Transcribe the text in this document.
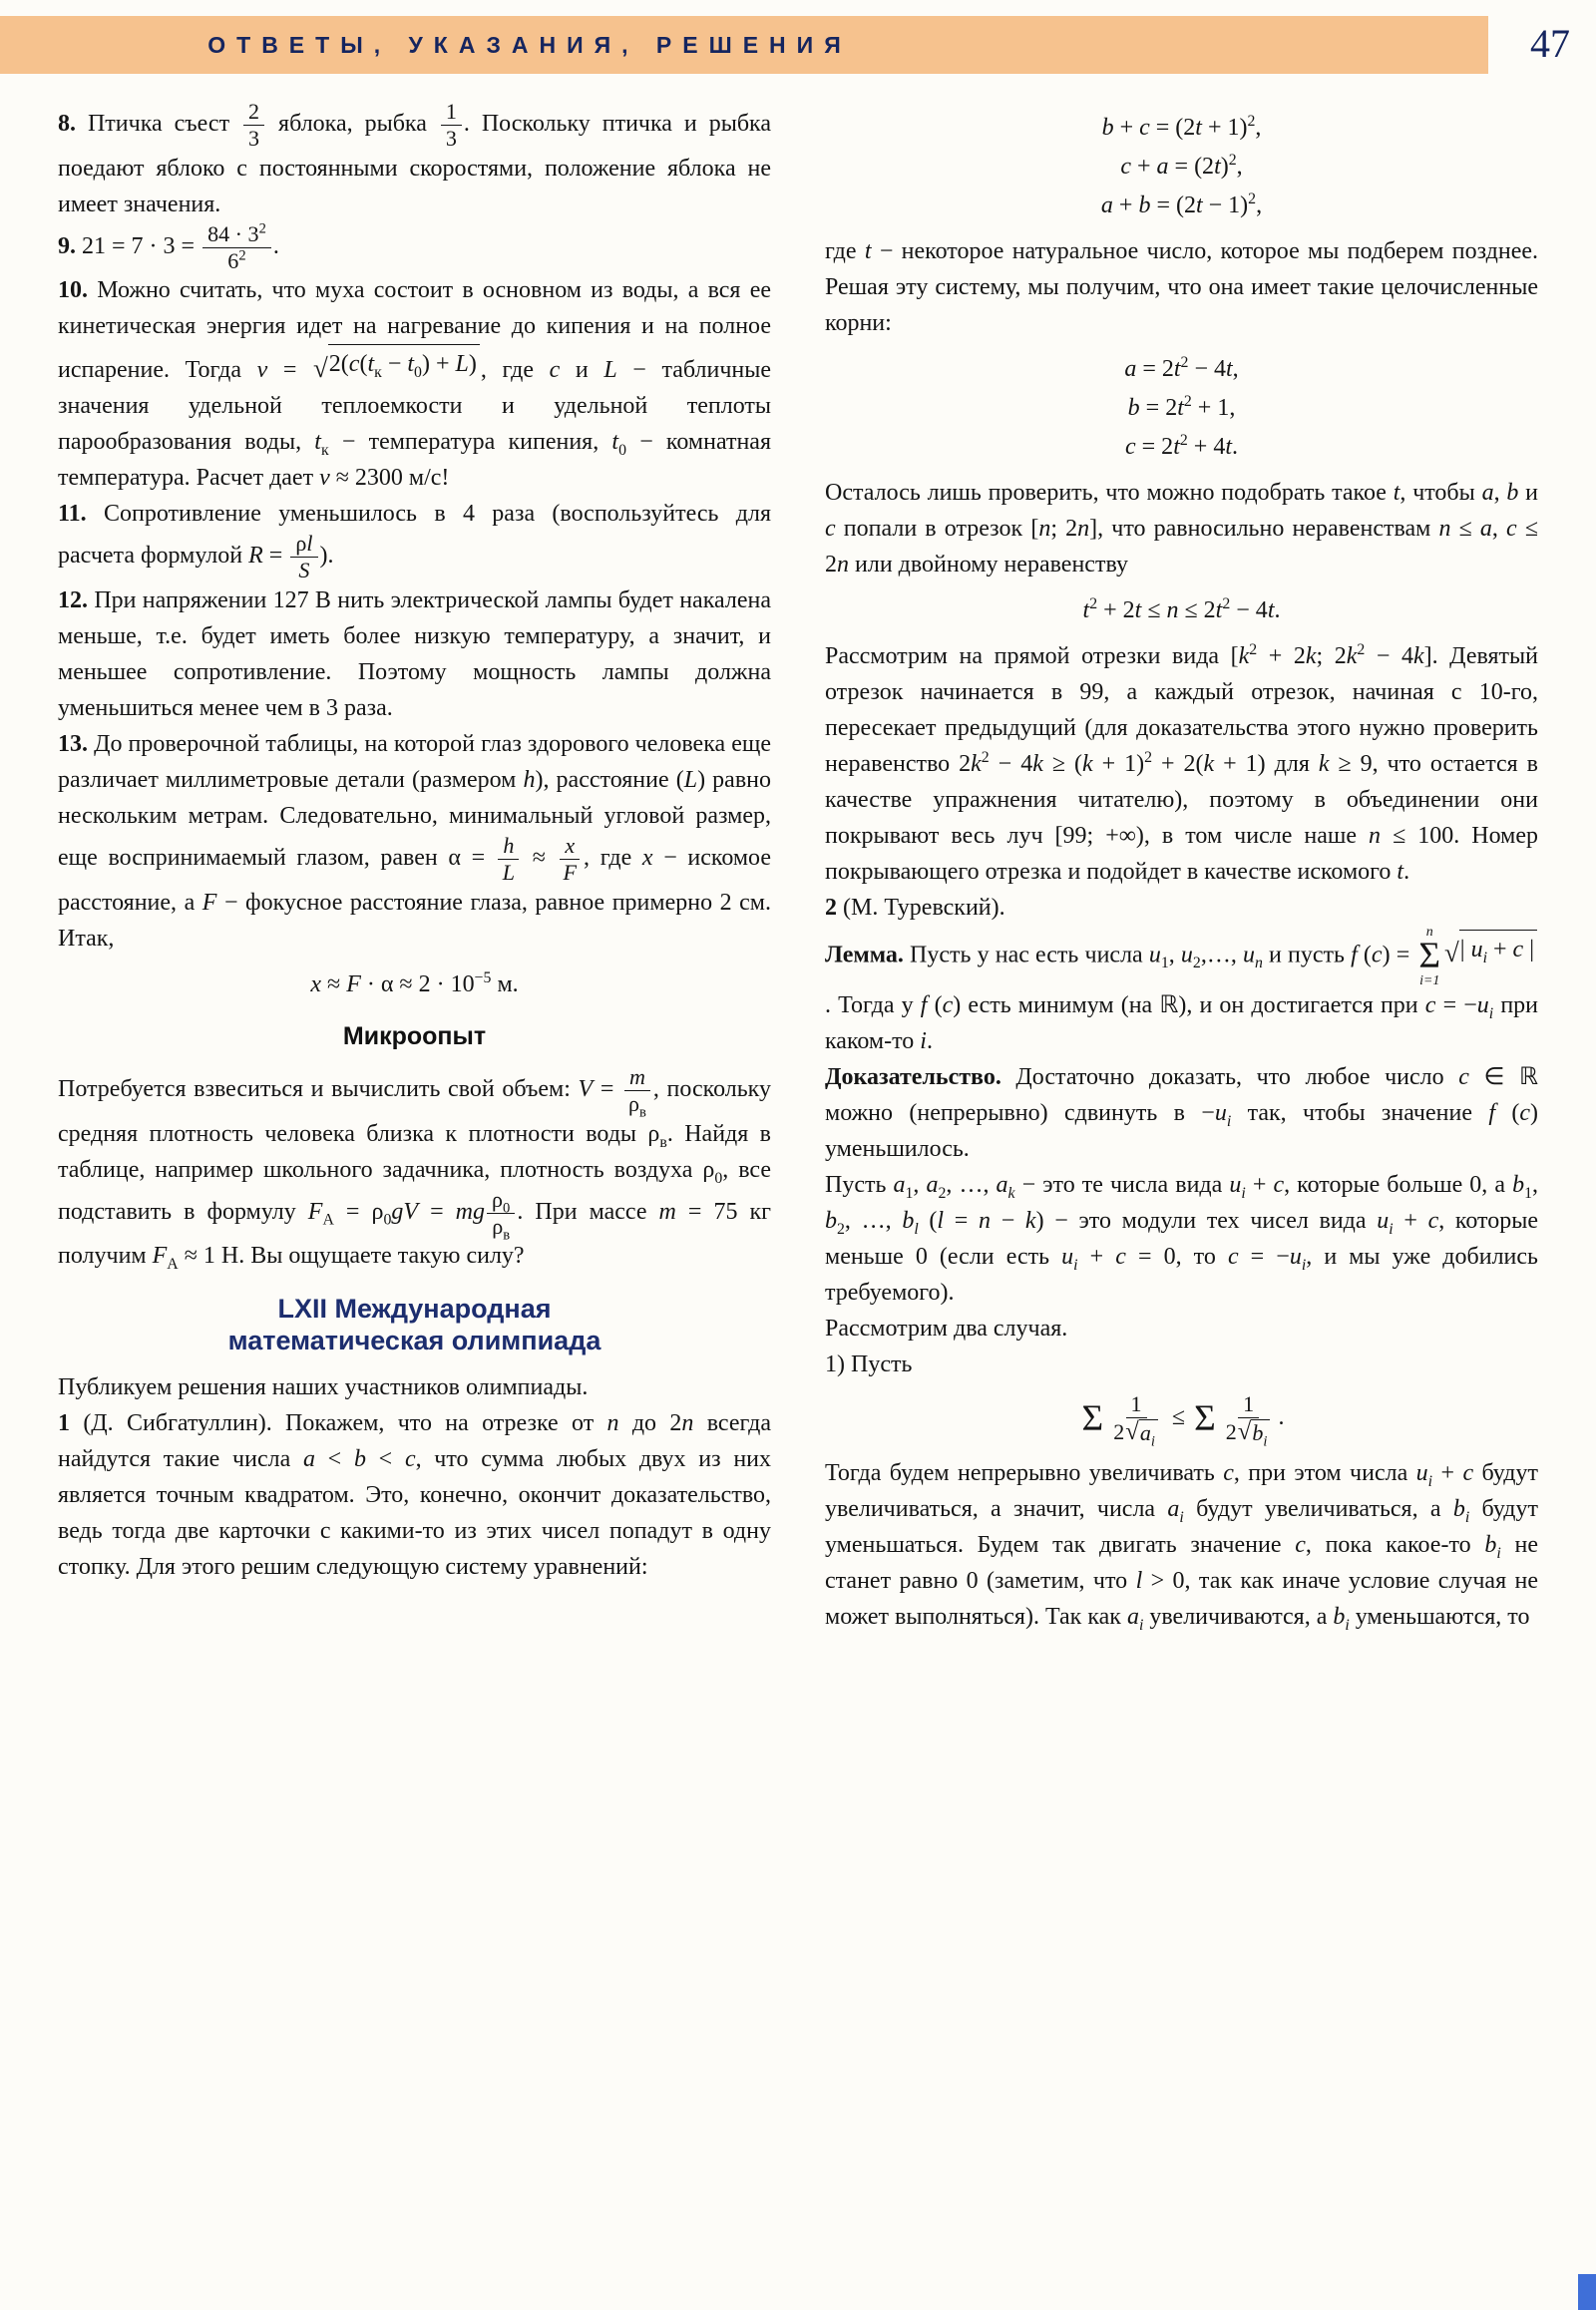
ОТВЕТЫ, УКАЗАНИЯ, РЕШЕНИЯ	47

8. Птичка съест $\frac{2}{3}$ яблока, рыбка $\frac{1}{3}$ . Поскольку птичка и рыбка поедают яблоко с постоянными скоростями, положение яблока не имеет значения.

9. $21 = 7 \cdot 3 = \frac{84 \cdot 3^2}{6^2}$ .

10. Можно считать, что муха состоит в основном из воды, а вся ее кинетическая энергия идет на нагревание до кипения и на полное испарение. Тогда v = √ $2(c(t_к - t_0) + L)$ , где c и L − табличные значения удельной теплоемкости и удельной теплоты парообразования воды, $t_к$ − температура кипения, $t_0$ − комнатная температура. Расчет дает v ≈ 2300 м/с!

11. Сопротивление уменьшилось в 4 раза (воспользуйтесь для расчета формулой $R = \frac{\rho l}{S}$ ).

12. При напряжении 127 В нить электрической лампы будет накалена меньше, т.е. будет иметь более низкую температуру, а значит, и меньшее сопротивление. Поэтому мощность лампы должна уменьшиться менее чем в 3 раза.

13. До проверочной таблицы, на которой глаз здорового человека еще различает миллиметровые детали (размером h), расстояние (L) равно нескольким метрам. Следовательно, минимальный угловой размер, еще воспринимаемый глазом, равен $\alpha = \frac{h}{L} \approx \frac{x}{F}$ , где x − искомое расстояние, а F − фокусное расстояние глаза, равное примерно 2 см. Итак,

$x \approx F \cdot \alpha \approx 2 \cdot 10^{-5}$ м.
Микроопыт

Потребуется взвеситься и вычислить свой объем: $V = \frac{m}{\rho_в}$ , поскольку средняя плотность человека близка к плотности воды $\rho_в$. Найдя в таблице, например школьного задачника, плотность воздуха $\rho_0$, все подставить в формулу $F_А = \rho_0gV$ = mg $\frac{\rho_0}{\rho_в}$ . При массе m = 75 кг получим $F_А \approx 1$ Н. Вы ощущаете такую силу?

LXII Международная
математическая олимпиада

Публикуем решения наших участников олимпиады.

1 (Д. Сибгатуллин). Покажем, что на отрезке от n до 2n всегда найдутся такие числа a < b < c, что сумма любых двух из них является точным квадратом. Это, конечно, окончит доказательство, ведь тогда две карточки с какими-то из этих чисел попадут в одну стопку. Для этого решим следующую систему уравнений:

$b + c = (2t + 1)^2$,
$c + a = (2t)^2$,
$a + b = (2t - 1)^2$,

где t − некоторое натуральное число, которое мы подберем позднее. Решая эту систему, мы получим, что она имеет такие целочисленные корни:

$a = 2t^2 - 4t$,
$b = 2t^2 + 1$,
$c = 2t^2 + 4t$.

Осталось лишь проверить, что можно подобрать такое t, чтобы a, b и c попали в отрезок [n; 2n], что равносильно неравенствам n ≤ a, c ≤ 2n или двойному неравенству

$t^2 + 2t \le n \le 2t^2 - 4t$.

Рассмотрим на прямой отрезки вида [$k^2 + 2k$; $2k^2 - 4k$]. Девятый отрезок начинается в 99, а каждый отрезок, начиная с 10-го, пересекает предыдущий (для доказательства этого нужно проверить неравенство $2k^2 - 4k \ge (k + 1)^2 + 2(k + 1)$ для k ≥ 9, что остается в качестве упражнения читателю), поэтому в объединении они покрывают весь луч [99; +∞), в том числе наше n ≤ 100. Номер покрывающего отрезка и подойдет в качестве искомого t.

2 (М. Туревский).

Лемма. Пусть у нас есть числа $u_1$, $u_2,\dots$, $u_n$ и пусть f (c) =
n
Σ
i=1
√ | $u_i + c$ |
. Тогда у f (c) есть минимум (на ℝ), и он достигается при $c = -u_i$ при каком-то i.

Доказательство. Достаточно доказать, что любое число c ∈ ℝ можно (непрерывно) сдвинуть $в -u_i$ так, чтобы значение f (c) уменьшилось.

Пусть $a_1$, $a_2$, …, $a_k$ − это те числа вида $u_i + c$, которые больше 0, а $b_1$, $b_2$, …, $b_l$ (l = n − k) − это модули тех чисел вида $u_i + c$, которые меньше 0 (если есть $u_i + c = 0$, то $c = -u_i$, и мы уже добились требуемого).

Рассмотрим два случая.

1) Пусть

Σ $\frac{1}{2 √ a_i} \le \Sigma \frac{1}{2 √ b_i}$ .

Тогда будем непрерывно увеличивать c, при этом числа $u_i + c$ будут увеличиваться, а значит, числа $a_i$ будут увеличиваться, а $b_i$ будут уменьшаться. Будем так двигать значение c, пока какое-то $b_i$ не станет равно 0 (заметим, что l > 0, так как иначе условие случая не может выполняться). Так как $a_i$ увеличиваются, а $b_i$ уменьшаются, то
